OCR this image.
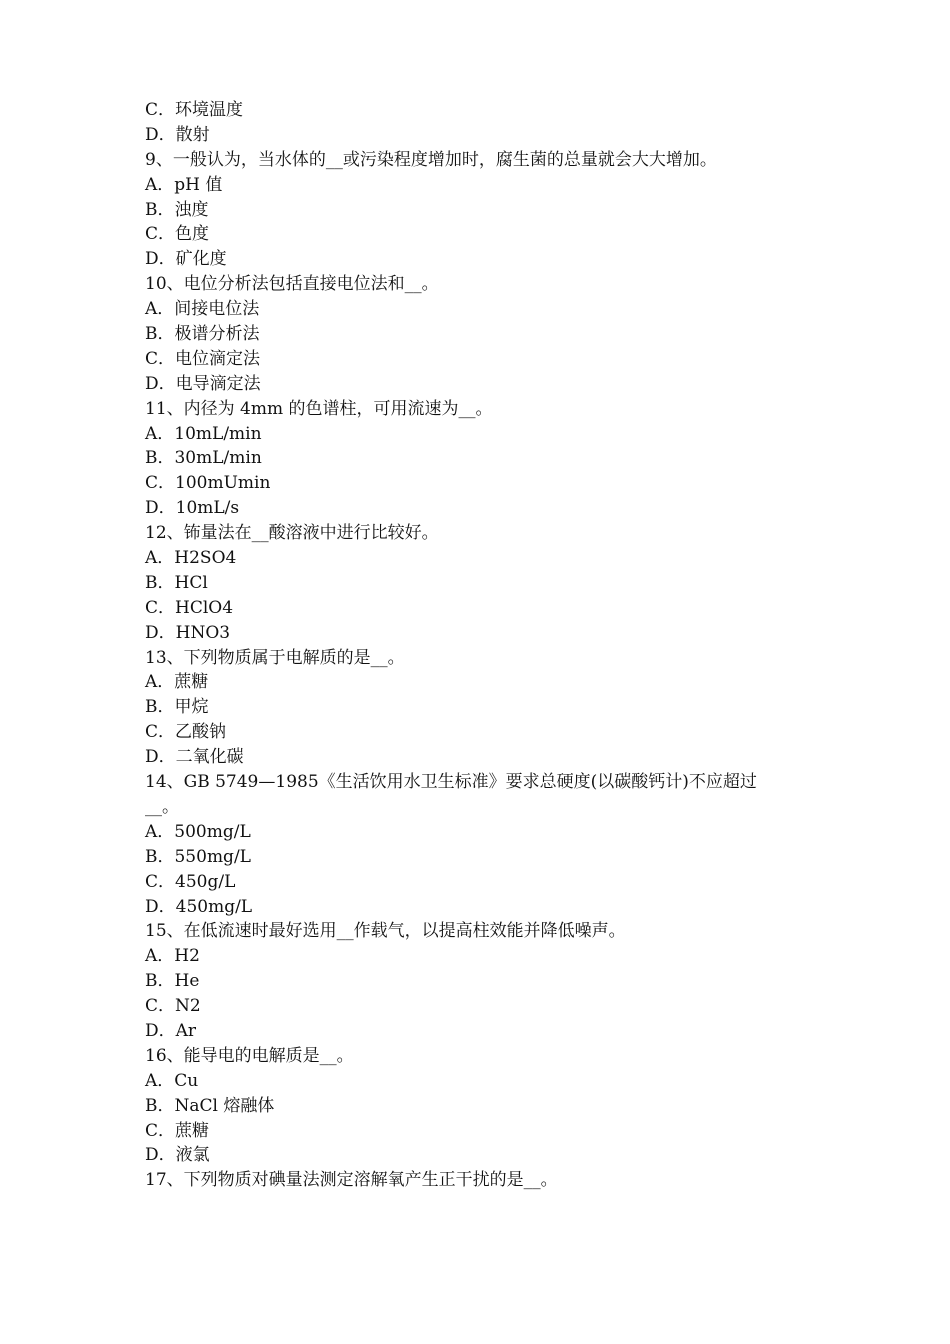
C．环境温度
D．散射
9、一般认为，当水体的__或污染程度增加时，腐生菌的总量就会大大增加。
A．pH 值
B．浊度
C．色度
D．矿化度
10、电位分析法包括直接电位法和__。
A．间接电位法
B．极谱分析法
C．电位滴定法
D．电导滴定法
11、内径为 4mm 的色谱柱，可用流速为__。
A．10mL/min
B．30mL/min
C．100mUmin
D．10mL/s
12、钸量法在__酸溶液中进行比较好。
A．H2SO4
B．HCl
C．HClO4
D．HNO3
13、下列物质属于电解质的是__。
A．蔗糖
B．甲烷
C．乙酸钠
D．二氧化碳
14、GB 5749—1985《生活饮用水卫生标准》要求总硬度(以碳酸钙计)不应超过
__。
A．500mg/L
B．550mg/L
C．450g/L
D．450mg/L
15、在低流速时最好选用__作载气，以提高柱效能并降低噪声。
A．H2
B．He
C．N2
D．Ar
16、能导电的电解质是__。
A．Cu
B．NaCl 熔融体
C．蔗糖
D．液氯
17、下列物质对碘量法测定溶解氧产生正干扰的是__。
